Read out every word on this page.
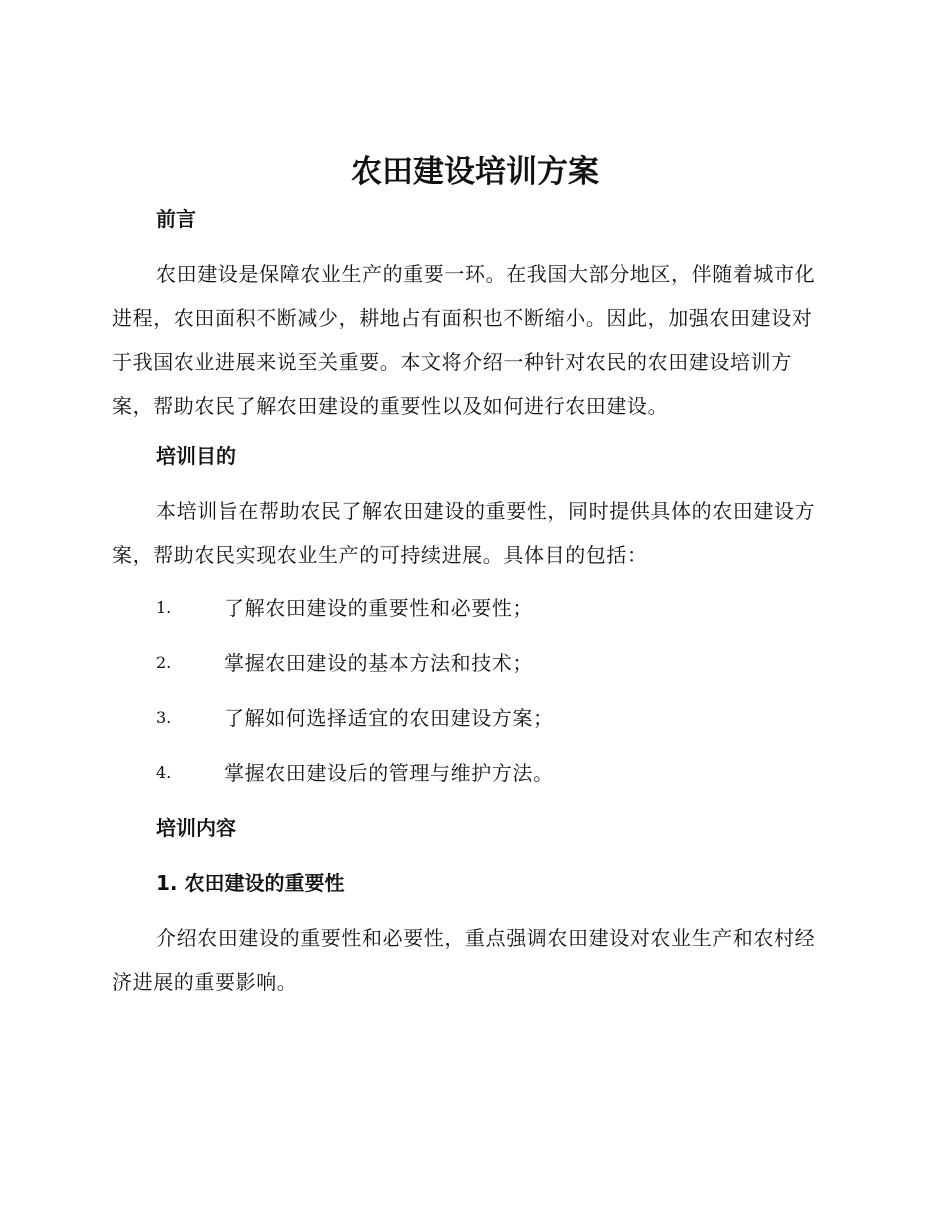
农田建设培训方案
前言

农田建设是保障农业生产的重要一环。在我国大部分地区，伴随着城市化进程，农田面积不断减少，耕地占有面积也不断缩小。因此，加强农田建设对于我国农业进展来说至关重要。本文将介绍一种针对农民的农田建设培训方案，帮助农民了解农田建设的重要性以及如何进行农田建设。

培训目的

本培训旨在帮助农民了解农田建设的重要性，同时提供具体的农田建设方案，帮助农民实现农业生产的可持续进展。具体目的包括：

1.	了解农田建设的重要性和必要性；
2.	掌握农田建设的基本方法和技术；
3.	了解如何选择适宜的农田建设方案；
4.	掌握农田建设后的管理与维护方法。
培训内容
1. 农田建设的重要性

介绍农田建设的重要性和必要性，重点强调农田建设对农业生产和农村经济进展的重要影响。
